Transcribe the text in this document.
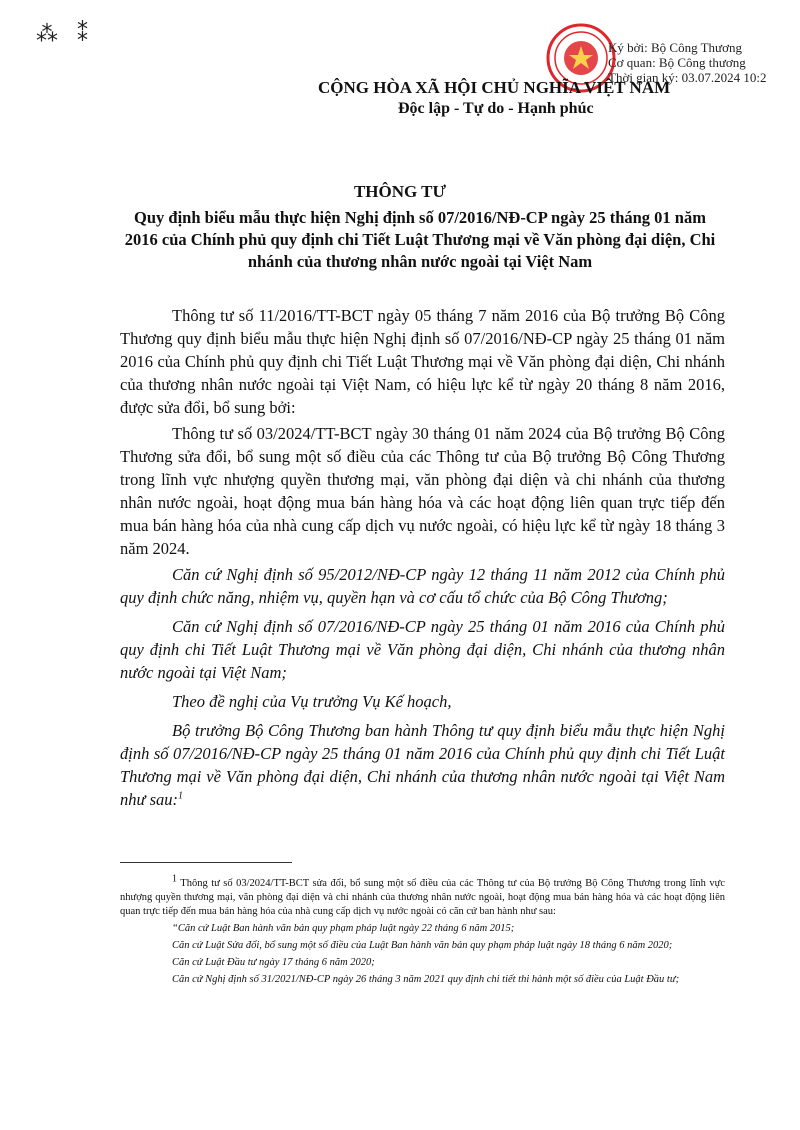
⁂ ⁑
Ký bởi: Bộ Công Thương
Cơ quan: Bộ Công thương
Thời gian ký: 03.07.2024 10:2
CỘNG HÒA XÃ HỘI CHỦ NGHĨA VIỆT NAM
Độc lập - Tự do - Hạnh phúc
THÔNG TƯ
Quy định biểu mẫu thực hiện Nghị định số 07/2016/NĐ-CP ngày 25 tháng 01 năm 2016 của Chính phủ quy định chi Tiết Luật Thương mại về Văn phòng đại diện, Chi nhánh của thương nhân nước ngoài tại Việt Nam

Thông tư số 11/2016/TT-BCT ngày 05 tháng 7 năm 2016 của Bộ trưởng Bộ Công Thương quy định biểu mẫu thực hiện Nghị định số 07/2016/NĐ-CP ngày 25 tháng 01 năm 2016 của Chính phủ quy định chi Tiết Luật Thương mại về Văn phòng đại diện, Chi nhánh của thương nhân nước ngoài tại Việt Nam, có hiệu lực kể từ ngày 20 tháng 8 năm 2016, được sửa đổi, bổ sung bởi:

Thông tư số 03/2024/TT-BCT ngày 30 tháng 01 năm 2024 của Bộ trưởng Bộ Công Thương sửa đổi, bổ sung một số điều của các Thông tư của Bộ trưởng Bộ Công Thương trong lĩnh vực nhượng quyền thương mại, văn phòng đại diện và chi nhánh của thương nhân nước ngoài, hoạt động mua bán hàng hóa và các hoạt động liên quan trực tiếp đến mua bán hàng hóa của nhà cung cấp dịch vụ nước ngoài, có hiệu lực kể từ ngày 18 tháng 3 năm 2024.

Căn cứ Nghị định số 95/2012/NĐ-CP ngày 12 tháng 11 năm 2012 của Chính phủ quy định chức năng, nhiệm vụ, quyền hạn và cơ cấu tổ chức của Bộ Công Thương;

Căn cứ Nghị định số 07/2016/NĐ-CP ngày 25 tháng 01 năm 2016 của Chính phủ quy định chi Tiết Luật Thương mại về Văn phòng đại diện, Chi nhánh của thương nhân nước ngoài tại Việt Nam;

Theo đề nghị của Vụ trưởng Vụ Kế hoạch,

Bộ trưởng Bộ Công Thương ban hành Thông tư quy định biểu mẫu thực hiện Nghị định số 07/2016/NĐ-CP ngày 25 tháng 01 năm 2016 của Chính phủ quy định chi Tiết Luật Thương mại về Văn phòng đại diện, Chi nhánh của thương nhân nước ngoài tại Việt Nam như sau:$^1$

$^1$ Thông tư số 03/2024/TT-BCT sửa đổi, bổ sung một số điều của các Thông tư của Bộ trưởng Bộ Công Thương trong lĩnh vực nhượng quyền thương mại, văn phòng đại diện và chi nhánh của thương nhân nước ngoài, hoạt động mua bán hàng hóa và các hoạt động liên quan trực tiếp đến mua bán hàng hóa của nhà cung cấp dịch vụ nước ngoài có căn cứ ban hành như sau:

“Căn cứ Luật Ban hành văn bản quy phạm pháp luật ngày 22 tháng 6 năm 2015;

Căn cứ Luật Sửa đổi, bổ sung một số điều của Luật Ban hành văn bản quy phạm pháp luật ngày 18 tháng 6 năm 2020;

Căn cứ Luật Đầu tư ngày 17 tháng 6 năm 2020;

Căn cứ Nghị định số 31/2021/NĐ-CP ngày 26 tháng 3 năm 2021 quy định chi tiết thi hành một số điều của Luật Đầu tư;
